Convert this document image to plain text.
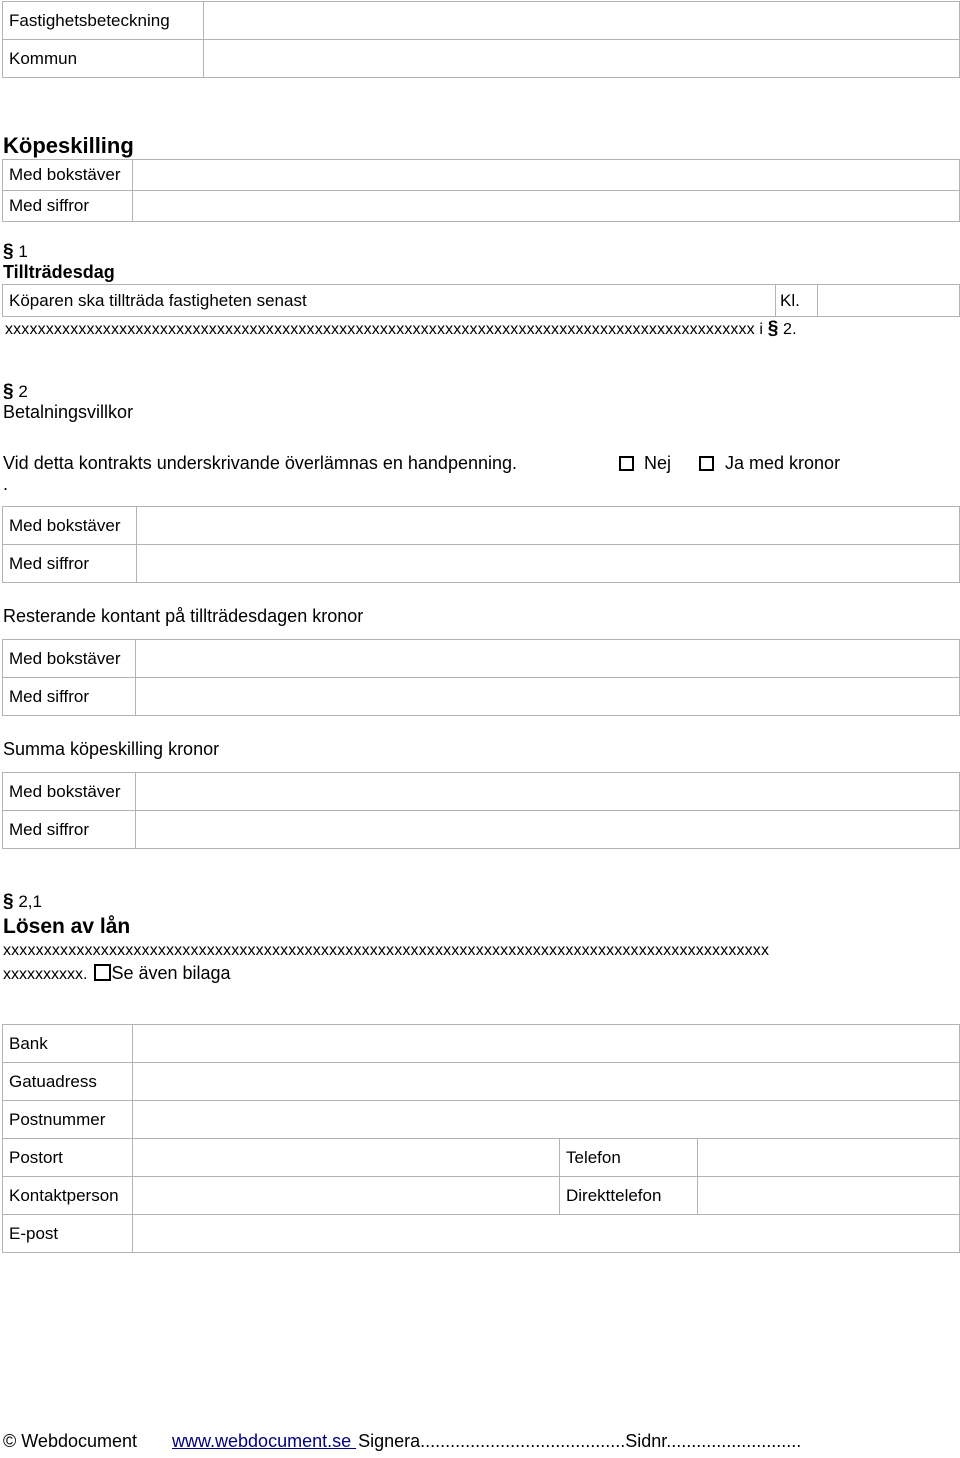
Fastighetsbeteckning	
Kommun	
Köpeskilling
Med bokstäver	
Med siffror	
§ 1
Tillträdesdag
Köparen ska tillträda fastigheten senast	Kl.	
xxxxxxxxxxxxxxxxxxxxxxxxxxxxxxxxxxxxxxxxxxxxxxxxxxxxxxxxxxxxxxxxxxxxxxxxxxxxxxxxxxxxxxxxxxxx i § 2.
§ 2
Betalningsvillkor
Vid detta kontrakts underskrivande överlämnas en handpenning.	Nej	Ja med kronor
.
Med bokstäver	
Med siffror	
Resterande kontant på tillträdesdagen kronor
Med bokstäver	
Med siffror	
Summa köpeskilling kronor
Med bokstäver	
Med siffror	
§ 2,1
Lösen av lån
xxxxxxxxxxxxxxxxxxxxxxxxxxxxxxxxxxxxxxxxxxxxxxxxxxxxxxxxxxxxxxxxxxxxxxxxxxxxxxxxxxxxxxxxxxxxxx
xxxxxxxxxx. Se även bilaga
Bank			
Gatuadress			
Postnummer			
Postort		Telefon	
Kontaktperson		Direkttelefon	
E-post			
© Webdocument www.webdocument.se Signera.........................................Sidnr...........................
